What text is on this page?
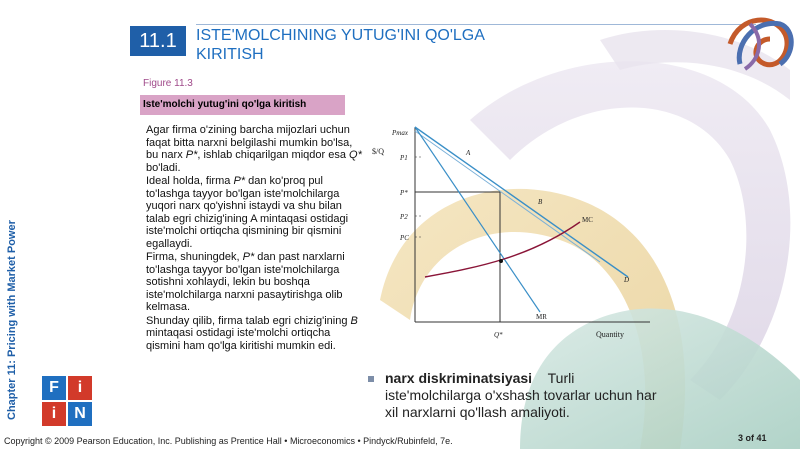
11.1	ISTE'MOLCHINING YUTUG'INI QO'LGA
KIRITISH
Figure 11.3
Iste'molchi yutug'ini qo'lga kiritish

Agar firma o'zining barcha mijozlari uchun faqat bitta narxni belgilashi mumkin bo'lsa, bu narx P*, ishlab chiqarilgan miqdor esa Q* bo'ladi.

Ideal holda, firma P* dan ko'proq pul to'lashga tayyor bo'lgan iste'molchilarga yuqori narx qo'yishni istaydi va shu bilan talab egri chizig'ining A mintaqasi ostidagi iste'molchi ortiqcha qismining bir qismini egallaydi.

Firma, shuningdek, P* dan past narxlarni to'lashga tayyor bo'lgan iste'molchilarga sotishni xohlaydi, lekin bu boshqa iste'molchilarga narxni pasaytirishga olib kelmasa.

Shunday qilib, firma talab egri chizig'ining B mintaqasi ostidagi iste'molchi ortiqcha qismini ham qo'lga kiritishi mumkin edi.

$/Q
Quantity
Pmax
P1
P*
P2
PC
Q*
A
B
MC
D
MR
narx diskriminatsiyasi Turli iste'molchilarga o'xshash tovarlar uchun har xil narxlarni qo'llash amaliyoti.
Chapter 11: Pricing with Market Power	F	i
i	N
Copyright © 2009 Pearson Education, Inc. Publishing as Prentice Hall • Microeconomics • Pindyck/Rubinfeld, 7e.	3 of 41
